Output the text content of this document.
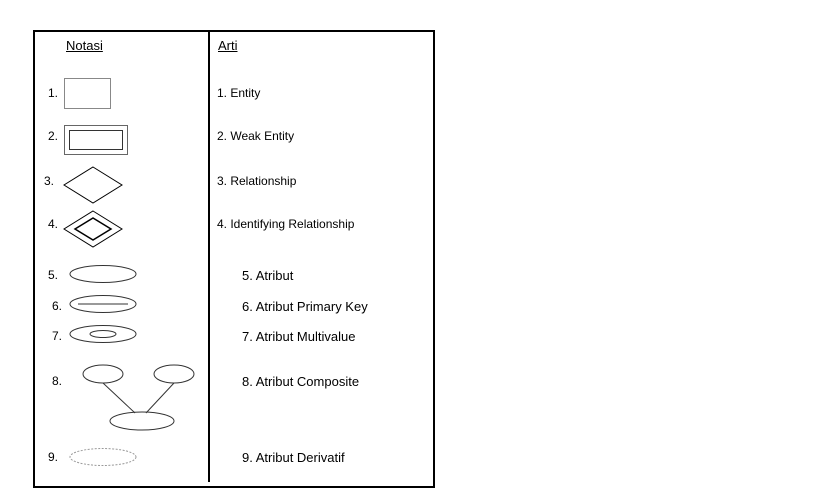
Notasi	Arti
1.
2.
3.
4.
5.
6.
7.
8.
9.
1. Entity
2. Weak Entity
3. Relationship
4. Identifying Relationship
5. Atribut
6. Atribut Primary Key
7. Atribut Multivalue
8. Atribut Composite
9. Atribut Derivatif
